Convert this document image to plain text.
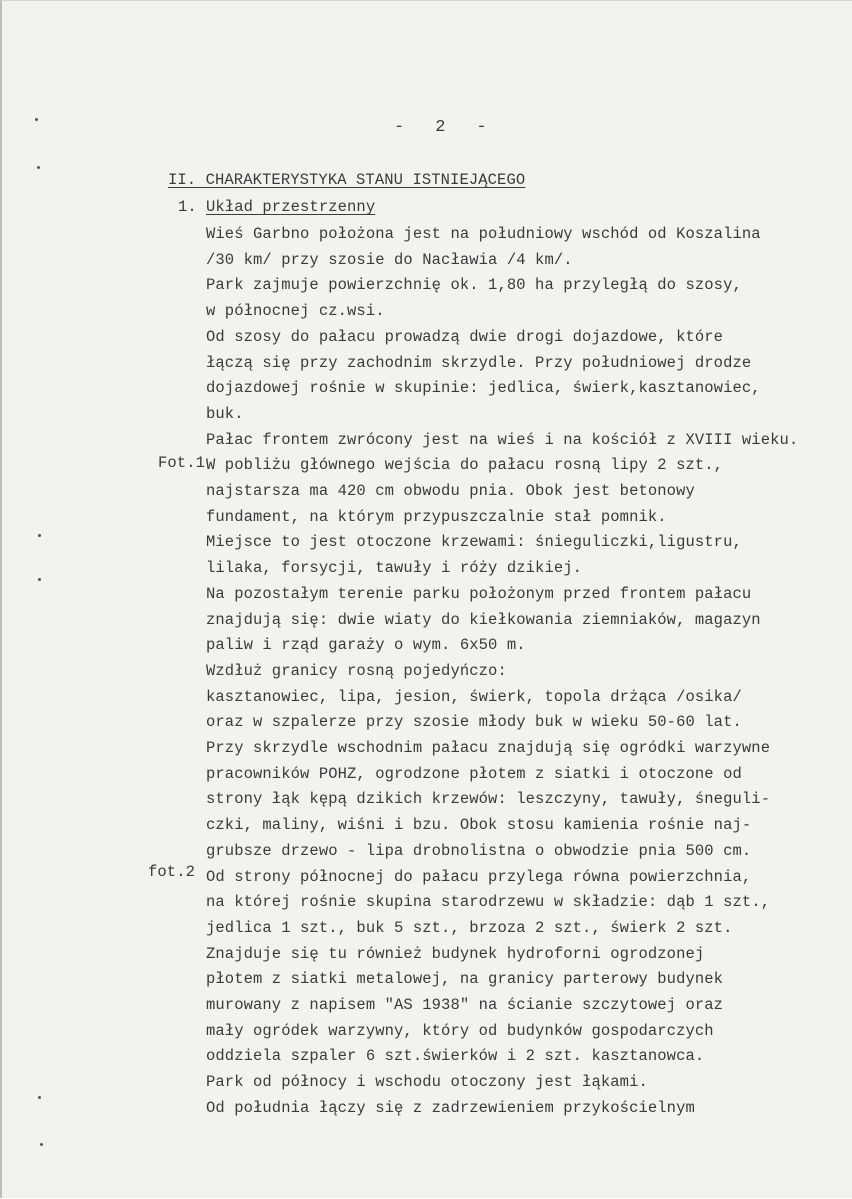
-   2   -
II. CHARAKTERYSTYKA STANU ISTNIEJĄCEGO
1. Układ przestrzenny
Fot.1
fot.2
Wieś Garbno położona jest na południowy wschód od Koszalina
/30 km/ przy szosie do Nacławia /4 km/.
Park zajmuje powierzchnię ok. 1,80 ha przyległą do szosy,
w północnej cz.wsi.
Od szosy do pałacu prowadzą dwie drogi dojazdowe, które
łączą się przy zachodnim skrzydle. Przy południowej drodze
dojazdowej rośnie w skupinie: jedlica, świerk,kasztanowiec,
buk.
Pałac frontem zwrócony jest na wieś i na kościół z XVIII wieku.
W pobliżu głównego wejścia do pałacu rosną lipy 2 szt.,
najstarsza ma 420 cm obwodu pnia. Obok jest betonowy
fundament, na którym przypuszczalnie stał pomnik.
Miejsce to jest otoczone krzewami: śnieguliczki,ligustru,
lilaka, forsycji, tawuły i róży dzikiej.
Na pozostałym terenie parku położonym przed frontem pałacu
znajdują się: dwie wiaty do kiełkowania ziemniaków, magazyn
paliw i rząd garaży o wym. 6x50 m.
Wzdłuż granicy rosną pojedyńczo:
kasztanowiec, lipa, jesion, świerk, topola drżąca /osika/
oraz w szpalerze przy szosie młody buk w wieku 50-60 lat.
Przy skrzydle wschodnim pałacu znajdują się ogródki warzywne
pracowników POHZ, ogrodzone płotem z siatki i otoczone od
strony łąk kępą dzikich krzewów: leszczyny, tawuły, śneguli-
czki, maliny, wiśni i bzu. Obok stosu kamienia rośnie naj-
grubsze drzewo - lipa drobnolistna o obwodzie pnia 500 cm.
Od strony północnej do pałacu przylega równa powierzchnia,
na której rośnie skupina starodrzewu w składzie: dąb 1 szt.,
jedlica 1 szt., buk 5 szt., brzoza 2 szt., świerk 2 szt.
Znajduje się tu również budynek hydroforni ogrodzonej
płotem z siatki metalowej, na granicy parterowy budynek
murowany z napisem "AS 1938" na ścianie szczytowej oraz
mały ogródek warzywny, który od budynków gospodarczych
oddziela szpaler 6 szt.świerków i 2 szt. kasztanowca.
Park od północy i wschodu otoczony jest łąkami.
Od południa łączy się z zadrzewieniem przykościelnym
